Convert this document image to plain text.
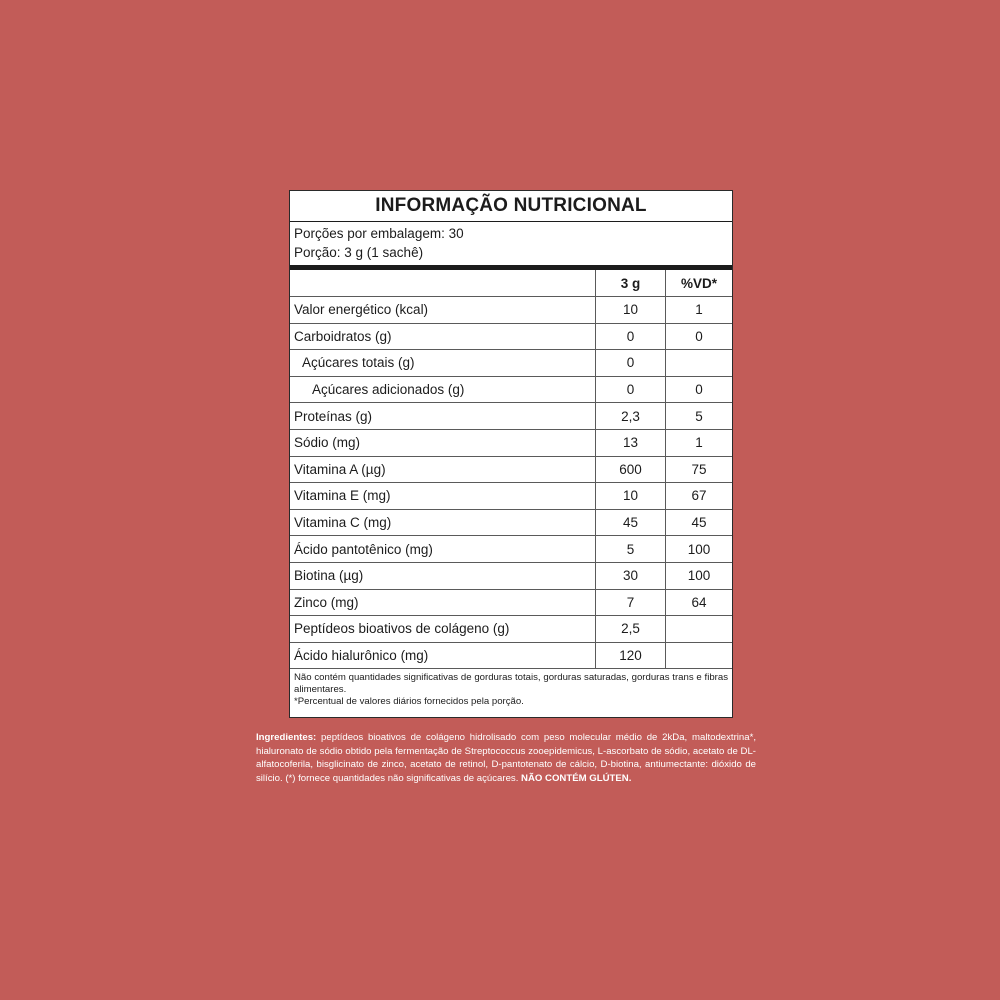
INFORMAÇÃO NUTRICIONAL
Porções por embalagem: 30
Porção: 3 g (1 sachê)
	3 g	%VD*
Valor energético (kcal)	10	1
Carboidratos (g)	0	0
Açúcares totais (g)	0	
Açúcares adicionados (g)	0	0
Proteínas (g)	2,3	5
Sódio (mg)	13	1
Vitamina A (µg)	600	75
Vitamina E (mg)	10	67
Vitamina C (mg)	45	45
Ácido pantotênico (mg)	5	100
Biotina (µg)	30	100
Zinco (mg)	7	64
Peptídeos bioativos de colágeno (g)	2,5	
Ácido hialurônico (mg)	120	

Não contém quantidades significativas de gorduras totais, gorduras saturadas, gorduras trans e fibras alimentares.

*Percentual de valores diários fornecidos pela porção.

Ingredientes: peptídeos bioativos de colágeno hidrolisado com peso molecular médio de 2kDa, maltodextrina*, hialuronato de sódio obtido pela fermentação de Streptococcus zooepidemicus, L-ascorbato de sódio, acetato de DL-alfatocoferila, bisglicinato de zinco, acetato de retinol, D-pantotenato de cálcio, D-biotina, antiumectante: dióxido de silício. (*) fornece quantidades não significativas de açúcares. NÃO CONTÉM GLÚTEN.
